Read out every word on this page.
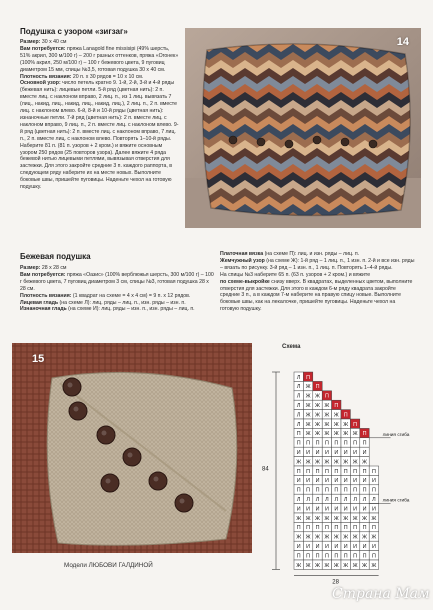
14
Подушка с узором «зигзаг»

Размер: 30 х 40 см

Вам потребуется: пряжа Lanagold fine missisipi (49% шерсть, 51% акрил, 300 м/100 г) – 200 г разных оттенков, пряжа «Огонек» (100% акрил, 250 м/100 г) – 100 г бежевого цвета, 9 пуговиц диаметром 15 мм, спицы №3,5, готовая подушка 30 х 40 см.

Плотность вязания: 20 п. х 30 рядов = 10 х 10 см.

Основной узор: число петель кратно 9. 1-й, 2-й, 3-й и 4-й ряды (бежевая нить): лицевые петли. 5-й ряд (цветная нить): 2 п. вместе лиц. с наклоном вправо, 2 лиц. п., из 1 лиц. вывязать 7 (лиц., накид, лиц., накид, лиц., накид, лиц.), 2 лиц. п., 2 п. вместе лиц. с наклоном влево. 6-й, 8-й и 10-й ряды (цветная нить): изнаночные петли. 7-й ряд (цветная нить): 2 п. вместе лиц. с наклоном вправо, 9 лиц. п., 2 п. вместе лиц. с наклоном влево. 9-й ряд (цветная нить): 2 п. вместе лиц. с наклоном вправо, 7 лиц. п., 2 п. вместе лиц. с наклоном влево. Повторять 1–10-й ряды.

Наберите 81 п. (81 п. узоров + 2 кром.) и вяжите основным узором 250 рядов (25 повторов узора). Далее вяжите 4 ряда бежевой нитью лицевыми петлями, вывязывая отверстия для застежки. Для этого закройте средние 3 п. каждого раппорта, в следующем ряду наберите их на месте новых. Выполните боковые швы, пришейте пуговицы. Наденьте чехол на готовую подушку.

Бежевая подушка

Размер: 28 х 28 см

Вам потребуется: пряжа «Оазис» (100% верблюжья шерсть, 300 м/100 г) – 100 г бежевого цвета, 7 пуговиц диаметром 3 см, спицы №3, готовая подушка 28 х 28 см.

Плотность вязания: (1 квадрат на схеме = 4 х 4 см) = 9 п. х 12 рядов.

Лицевая гладь (на схеме Л): лиц. ряды – лиц. п., изн. ряды – изн. п.

Изнаночная гладь (на схеме И): лиц. ряды – изн. п., изн. ряды – лиц. п.

Платочная вязка (на схеме П): лиц. и изн. ряды – лиц. п.

Жемчужный узор (на схеме Ж): 1-й ряд – 1 лиц. п., 1 изн. п. 2-й и все изн. ряды – вязать по рисунку. 3-й ряд – 1 изн. п., 1 лиц. п. Повторять 1–4-й ряды.

На спицы №3 наберите 65 п. (63 п. узоров + 2 кром.) и вяжите

по схеме-выкройке снизу вверх. В квадратах, выделенных цветом, выполните отверстия для застежки. Для этого в каждом 6-м ряду квадрата закройте средние 3 п., а в каждом 7-м наберите на правую спицу новые. Выполните боковые швы, как на лекалочке, пришейте пуговицы. Наденьте чехол на готовую подушку.

15
Модели ЛЮБОВИ ГАЛДИНОЙ
Схема
Л П
Л Ж П
Л Ж Ж П
Л Ж Ж Ж П
Л Ж Ж Ж Ж П
Л Ж Ж Ж Ж Ж П
П Ж Ж Ж Ж Ж Ж П
П П П П П П П П
И И И И И И И И
Ж Ж Ж Ж Ж Ж Ж Ж
П П П П П П П П П
И И И И И И И И И
П П П П П П П П П
Л Л Л Л Л Л Л Л Л
И И И И И И И И И
Ж Ж Ж Ж Ж Ж Ж Ж Ж
П П П П П П П П П
Ж Ж Ж Ж Ж Ж Ж Ж Ж
И И И И И И И И И
П П П П П П П П П
Ж Ж Ж Ж Ж Ж Ж Ж Ж
84
28
линия сгиба
линия сгиба
Страна Мам
